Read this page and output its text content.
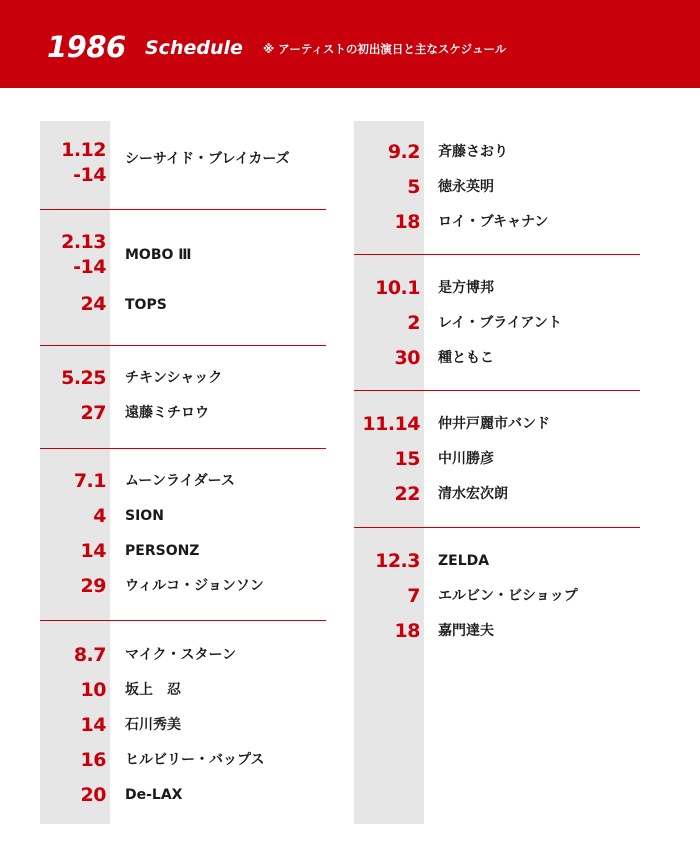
1986 Schedule ※ アーティストの初出演日と主なスケジュール
1.12
-14
シーサイド・ブレイカーズ
2.13
-14
MOBO Ⅲ
24 TOPS
5.25 チキンシャック
27 遠藤ミチロウ
7.1 ムーンライダース
4 SION
14 PERSONZ
29 ウィルコ・ジョンソン
8.7 マイク・スターン
10 坂上　忍
14 石川秀美
16 ヒルビリー・バップス
20 De-LAX
9.2 斉藤さおり
5 徳永英明
18 ロイ・ブキャナン
10.1 是方博邦
2 レイ・ブライアント
30 種ともこ
11.14 仲井戸麗市バンド
15 中川勝彦
22 清水宏次朗
12.3 ZELDA
7 エルビン・ビショップ
18 嘉門達夫
